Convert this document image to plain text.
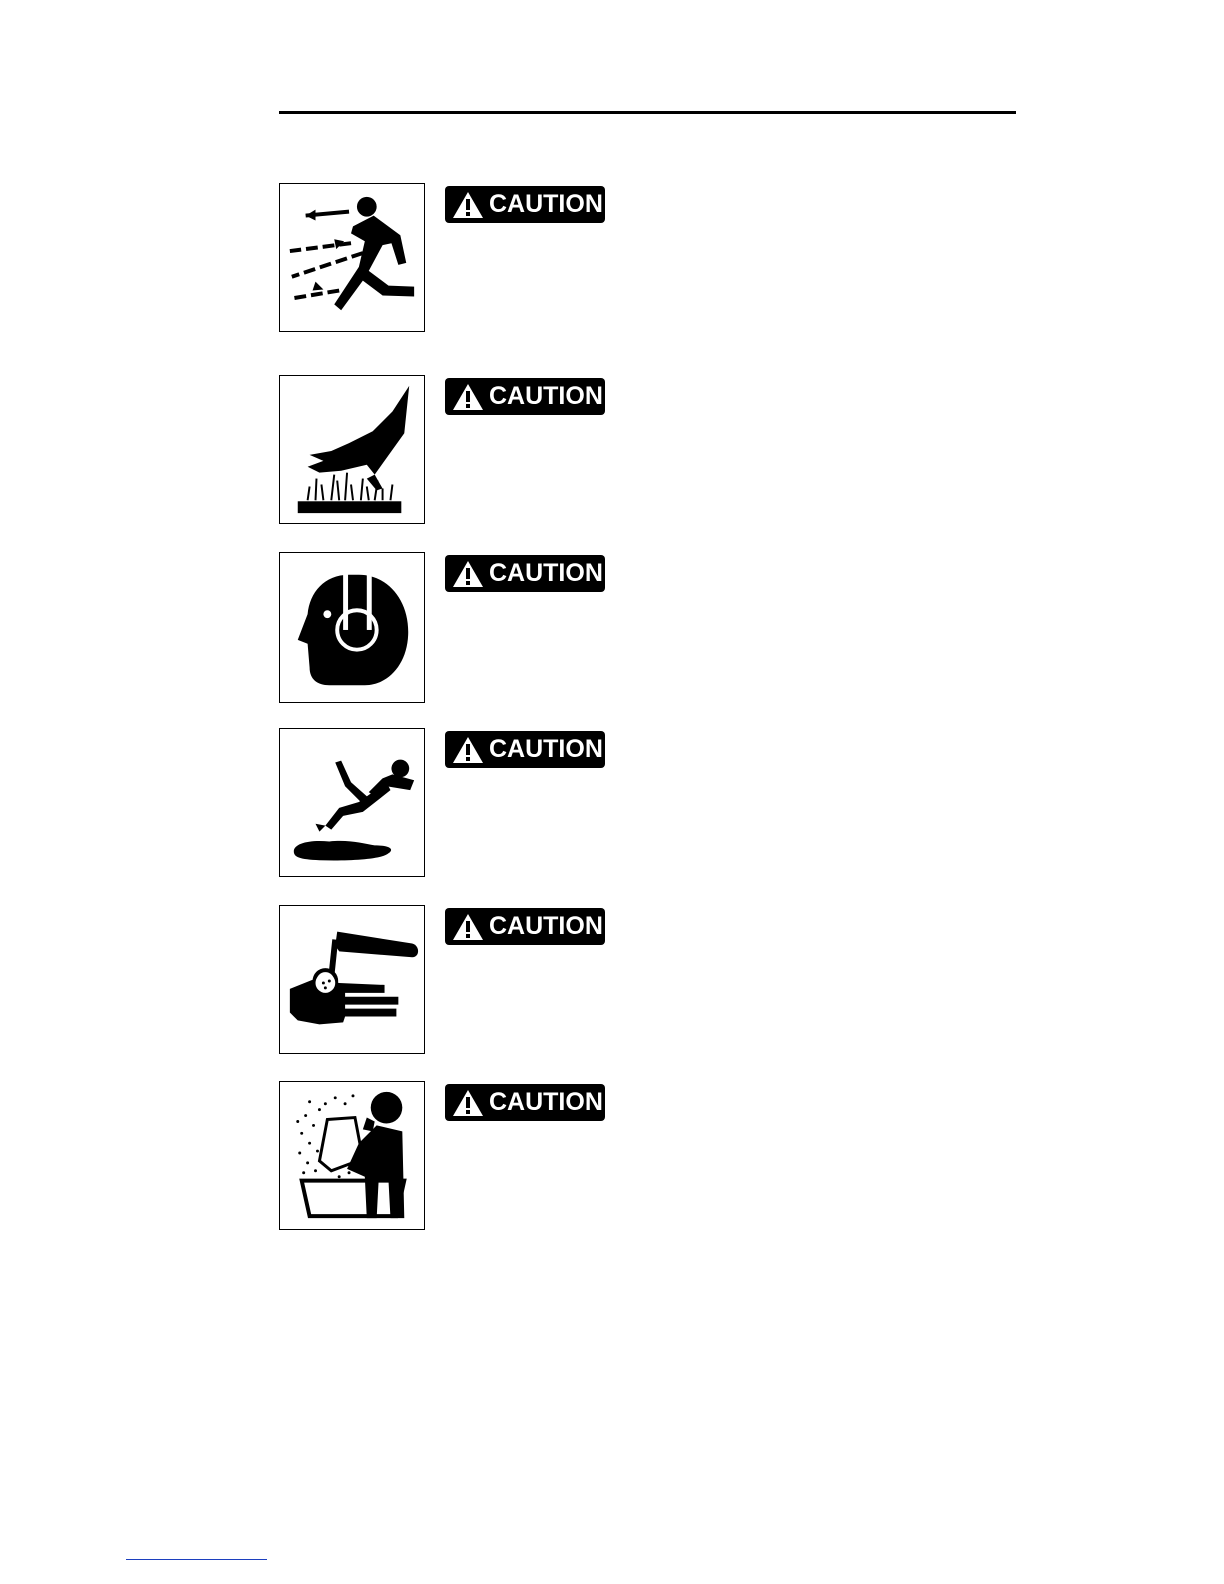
CAUTION
CAUTION
CAUTION
CAUTION
CAUTION
CAUTION
